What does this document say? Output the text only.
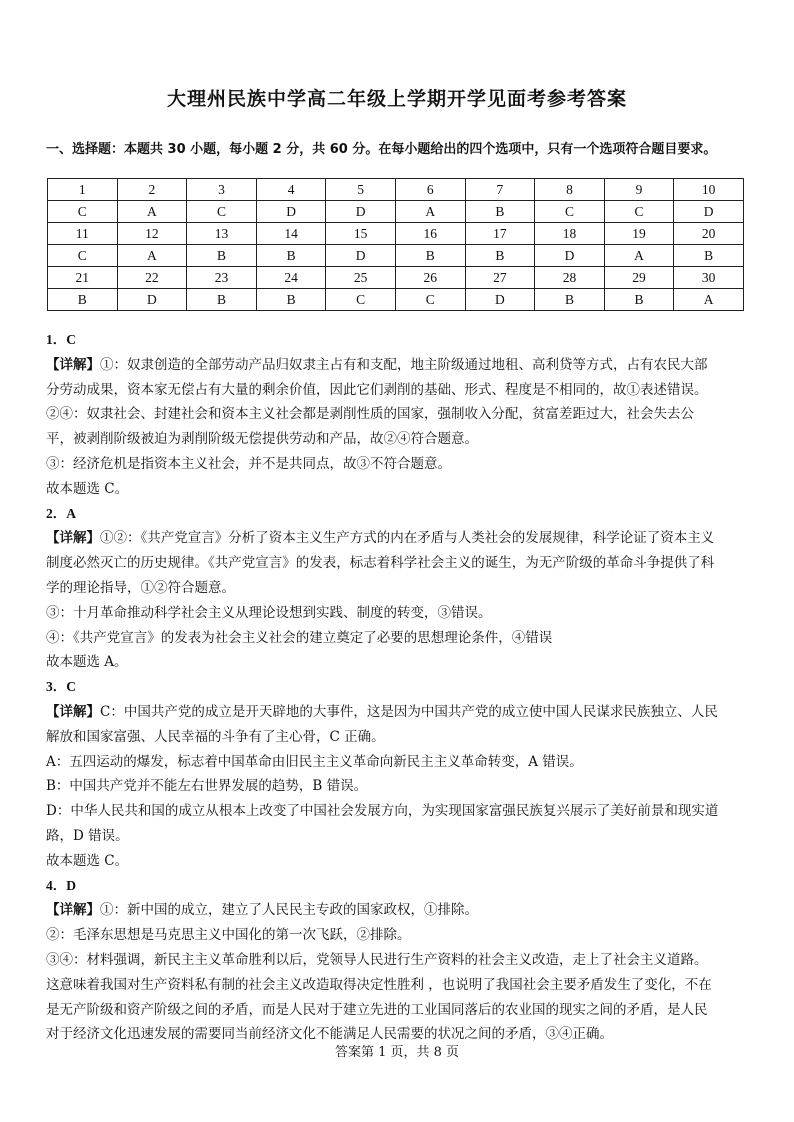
大理州民族中学高二年级上学期开学见面考参考答案
一、选择题：本题共 30 小题，每小题 2 分，共 60 分。在每小题给出的四个选项中，只有一个选项符合题目要求。
1	2	3	4	5	6	7	8	9	10
C	A	C	D	D	A	B	C	C	D
11	12	13	14	15	16	17	18	19	20
C	A	B	B	D	B	B	D	A	B
21	22	23	24	25	26	27	28	29	30
B	D	B	B	C	C	D	B	B	A

1．C

【详解】①：奴隶创造的全部劳动产品归奴隶主占有和支配，地主阶级通过地租、高利贷等方式，占有农民大部

分劳动成果，资本家无偿占有大量的剩余价值，因此它们剥削的基础、形式、程度是不相同的，故①表述错误。

②④：奴隶社会、封建社会和资本主义社会都是剥削性质的国家，强制收入分配，贫富差距过大，社会失去公

平，被剥削阶级被迫为剥削阶级无偿提供劳动和产品，故②④符合题意。

③：经济危机是指资本主义社会，并不是共同点，故③不符合题意。

故本题选 C。

2．A

【详解】①②：《共产党宣言》分析了资本主义生产方式的内在矛盾与人类社会的发展规律，科学论证了资本主义

制度必然灭亡的历史规律。《共产党宣言》的发表，标志着科学社会主义的诞生，为无产阶级的革命斗争提供了科

学的理论指导，①②符合题意。

③：十月革命推动科学社会主义从理论设想到实践、制度的转变，③错误。

④：《共产党宣言》的发表为社会主义社会的建立奠定了必要的思想理论条件，④错误

故本题选 A。

3．C

【详解】C：中国共产党的成立是开天辟地的大事件，这是因为中国共产党的成立使中国人民谋求民族独立、人民

解放和国家富强、人民幸福的斗争有了主心骨，C 正确。

A：五四运动的爆发，标志着中国革命由旧民主主义革命向新民主主义革命转变，A 错误。

B：中国共产党并不能左右世界发展的趋势，B 错误。

D：中华人民共和国的成立从根本上改变了中国社会发展方向，为实现国家富强民族复兴展示了美好前景和现实道

路，D 错误。

故本题选 C。

4．D

【详解】①：新中国的成立，建立了人民民主专政的国家政权，①排除。

②：毛泽东思想是马克思主义中国化的第一次飞跃，②排除。

③④：材料强调，新民主主义革命胜利以后，党领导人民进行生产资料的社会主义改造，走上了社会主义道路。

这意味着我国对生产资料私有制的社会主义改造取得决定性胜利 ，也说明了我国社会主要矛盾发生了变化，不在

是无产阶级和资产阶级之间的矛盾，而是人民对于建立先进的工业国同落后的农业国的现实之间的矛盾，是人民

对于经济文化迅速发展的需要同当前经济文化不能满足人民需要的状况之间的矛盾，③④正确。

答案第 1 页，共 8 页
